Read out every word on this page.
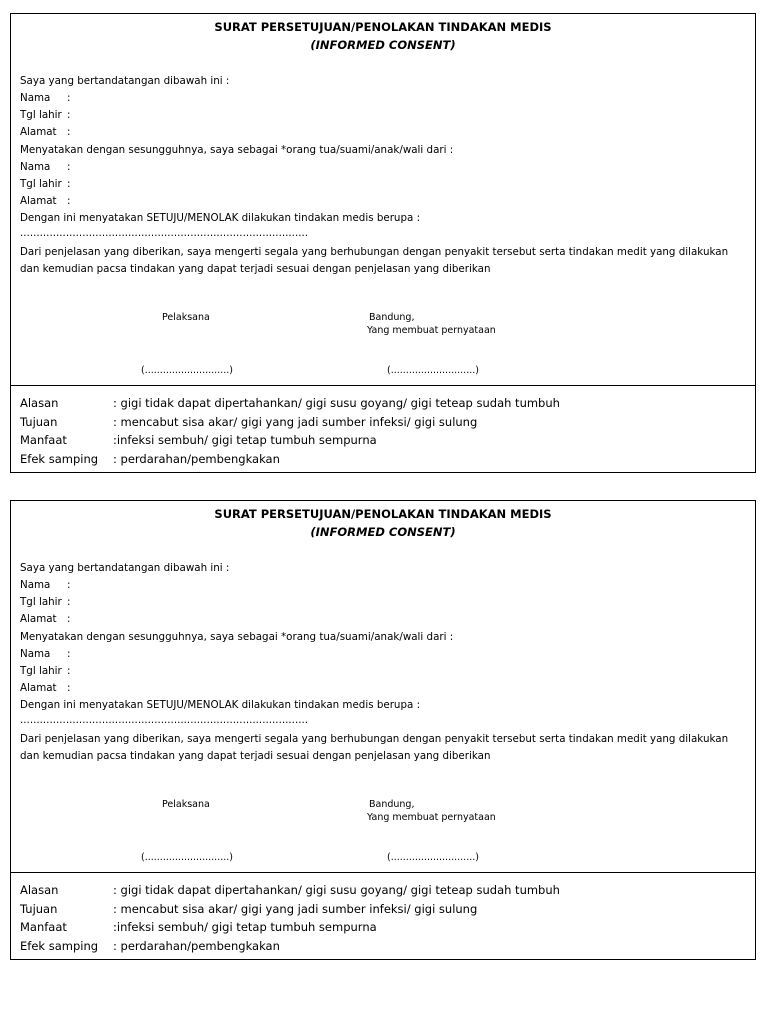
SURAT PERSETUJUAN/PENOLAKAN TINDAKAN MEDIS
(INFORMED CONSENT)
Saya yang bertandatangan dibawah ini :
Nama :
Tgl lahir :
Alamat :
Menyatakan dengan sesungguhnya, saya sebagai *orang tua/suami/anak/wali dari :
Nama :
Tgl lahir :
Alamat :
Dengan ini menyatakan SETUJU/MENOLAK dilakukan tindakan medis berupa :
........................................................................................
Dari penjelasan yang diberikan, saya mengerti segala yang berhubungan dengan penyakit tersebut serta tindakan medit yang dilakukan
dan kemudian pacsa tindakan yang dapat terjadi sesuai dengan penjelasan yang diberikan
Pelaksana	Bandung,
Yang membuat pernyataan
(............................)	(............................)
Alasan	: gigi tidak dapat dipertahankan/ gigi susu goyang/ gigi teteap sudah tumbuh
Tujuan	: mencabut sisa akar/ gigi yang jadi sumber infeksi/ gigi sulung
Manfaat	:infeksi sembuh/ gigi tetap tumbuh sempurna
Efek samping : perdarahan/pembengkakan
SURAT PERSETUJUAN/PENOLAKAN TINDAKAN MEDIS
(INFORMED CONSENT)
Saya yang bertandatangan dibawah ini :
Nama :
Tgl lahir :
Alamat :
Menyatakan dengan sesungguhnya, saya sebagai *orang tua/suami/anak/wali dari :
Nama :
Tgl lahir :
Alamat :
Dengan ini menyatakan SETUJU/MENOLAK dilakukan tindakan medis berupa :
........................................................................................
Dari penjelasan yang diberikan, saya mengerti segala yang berhubungan dengan penyakit tersebut serta tindakan medit yang dilakukan
dan kemudian pacsa tindakan yang dapat terjadi sesuai dengan penjelasan yang diberikan
Pelaksana	Bandung,
Yang membuat pernyataan
(............................)	(............................)
Alasan	: gigi tidak dapat dipertahankan/ gigi susu goyang/ gigi teteap sudah tumbuh
Tujuan	: mencabut sisa akar/ gigi yang jadi sumber infeksi/ gigi sulung
Manfaat	:infeksi sembuh/ gigi tetap tumbuh sempurna
Efek samping : perdarahan/pembengkakan
